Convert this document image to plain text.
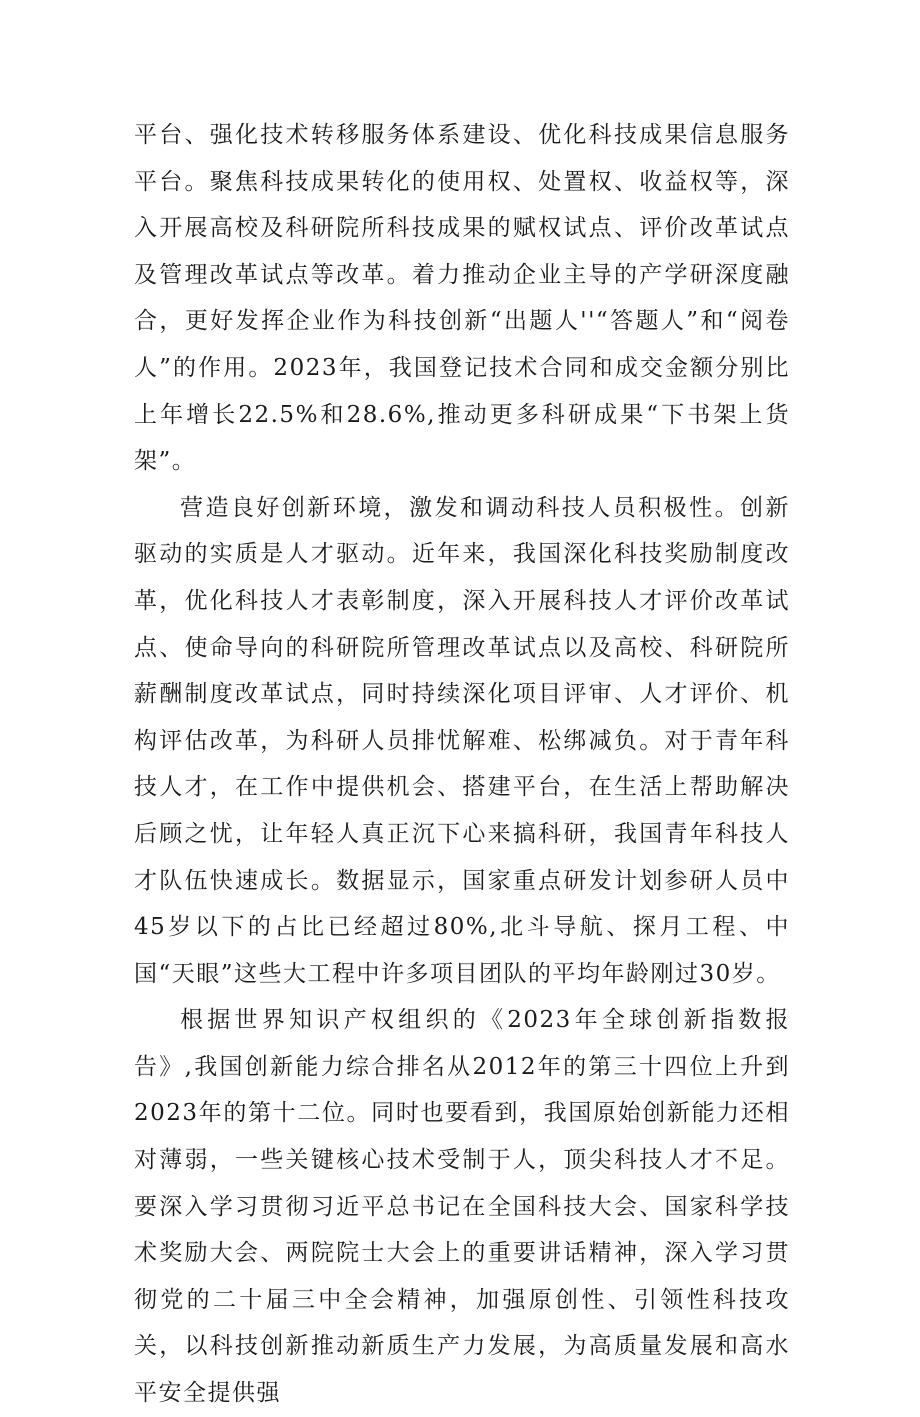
平台、强化技术转移服务体系建设、优化科技成果信息服务平台。聚焦科技成果转化的使用权、处置权、收益权等，深入开展高校及科研院所科技成果的赋权试点、评价改革试点及管理改革试点等改革。着力推动企业主导的产学研深度融合，更好发挥企业作为科技创新“出题人''“答题人”和“阅卷人”的作用。2023年，我国登记技术合同和成交金额分别比上年增长22.5%和28.6%,推动更多科研成果“下书架上货架”。

营造良好创新环境，激发和调动科技人员积极性。创新驱动的实质是人才驱动。近年来，我国深化科技奖励制度改革，优化科技人才表彰制度，深入开展科技人才评价改革试点、使命导向的科研院所管理改革试点以及高校、科研院所薪酬制度改革试点，同时持续深化项目评审、人才评价、机构评估改革，为科研人员排忧解难、松绑减负。对于青年科技人才，在工作中提供机会、搭建平台，在生活上帮助解决后顾之忧，让年轻人真正沉下心来搞科研，我国青年科技人才队伍快速成长。数据显示，国家重点研发计划参研人员中45岁以下的占比已经超过80%,北斗导航、探月工程、中国“天眼”这些大工程中许多项目团队的平均年龄刚过30岁。

根据世界知识产权组织的《2023年全球创新指数报告》,我国创新能力综合排名从2012年的第三十四位上升到2023年的第十二位。同时也要看到，我国原始创新能力还相对薄弱，一些关键核心技术受制于人，顶尖科技人才不足。要深入学习贯彻习近平总书记在全国科技大会、国家科学技术奖励大会、两院院士大会上的重要讲话精神，深入学习贯彻党的二十届三中全会精神，加强原创性、引领性科技攻关，以科技创新推动新质生产力发展，为高质量发展和高水平安全提供强
